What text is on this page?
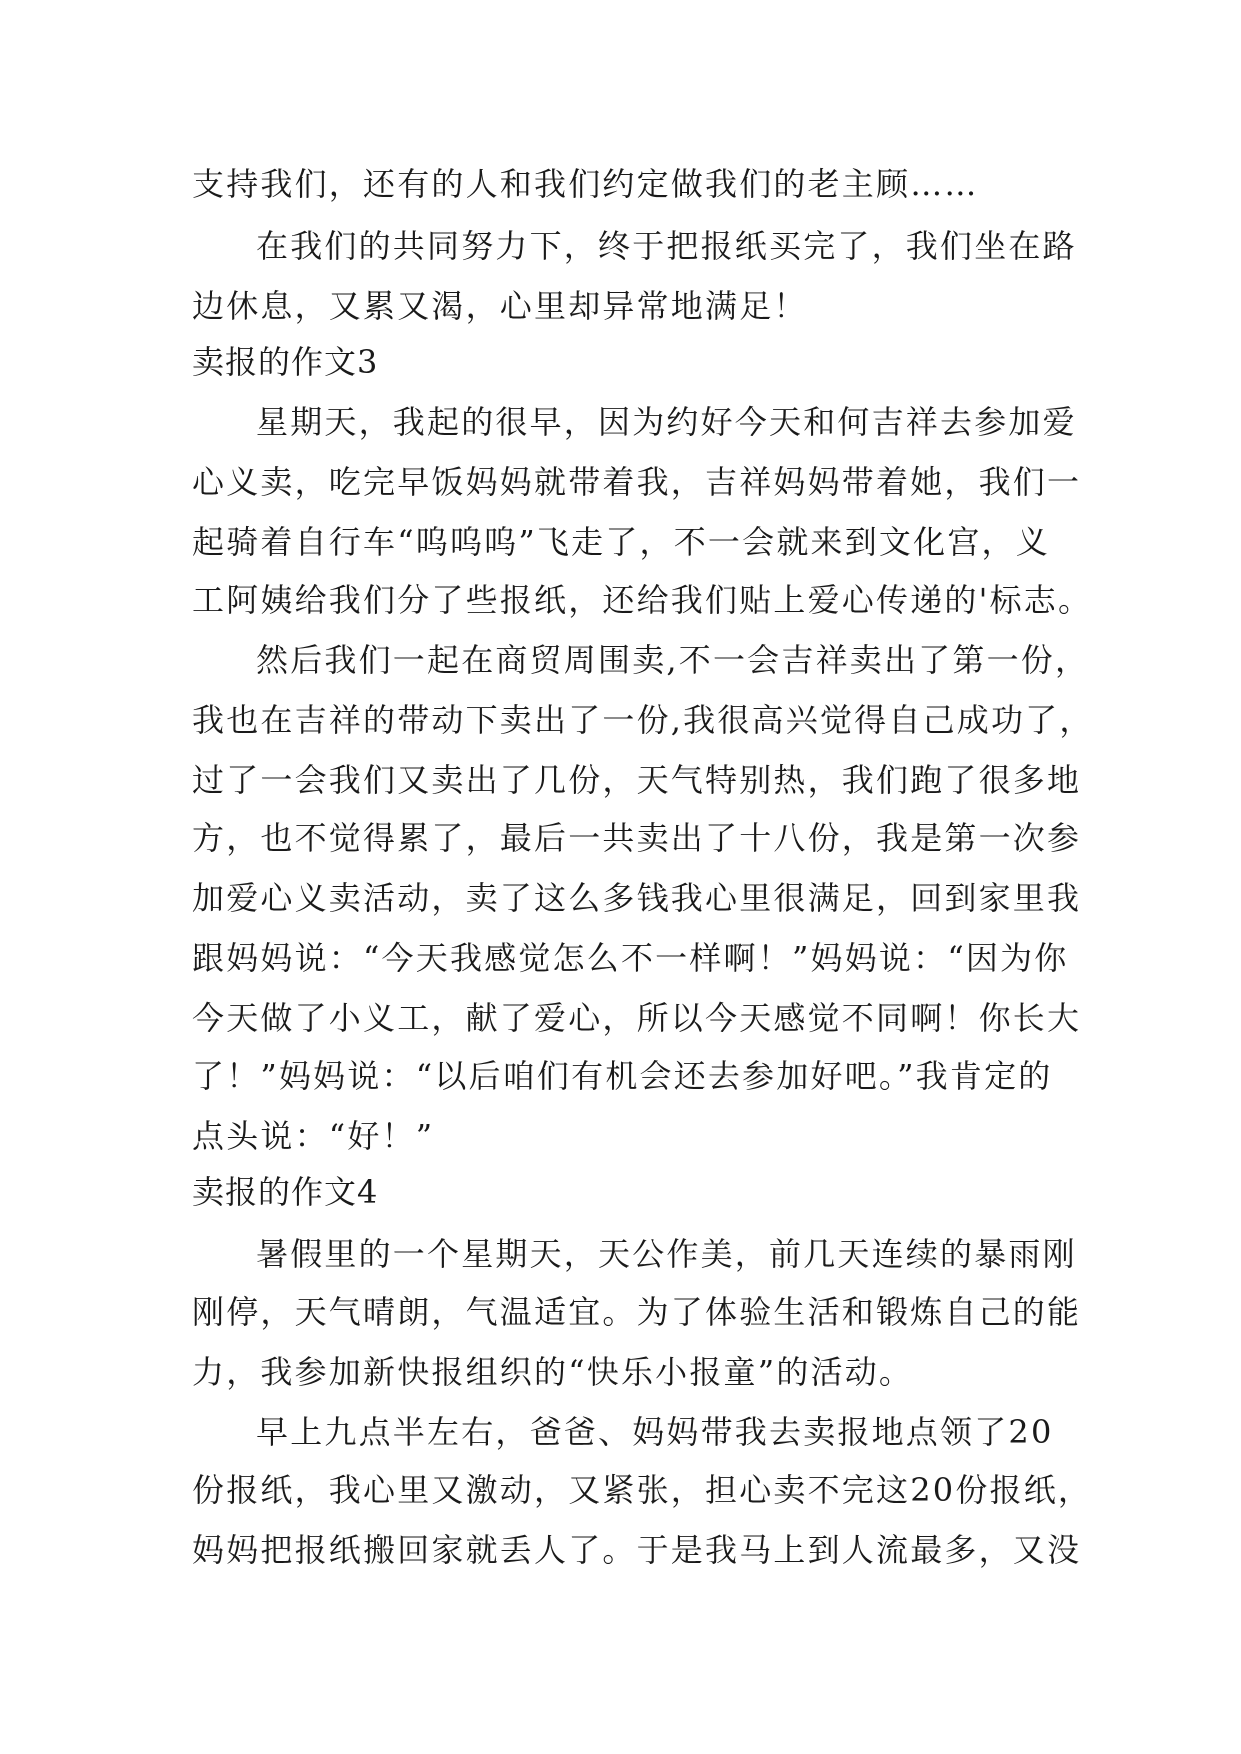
支持我们，还有的人和我们约定做我们的老主顾……
在我们的共同努力下，终于把报纸买完了，我们坐在路
边休息，又累又渴，心里却异常地满足！
卖报的作文3
星期天，我起的很早，因为约好今天和何吉祥去参加爱
心义卖，吃完早饭妈妈就带着我，吉祥妈妈带着她，我们一
起骑着自行车“呜呜呜”飞走了，不一会就来到文化宫，义
工阿姨给我们分了些报纸，还给我们贴上爱心传递的'标志。
然后我们一起在商贸周围卖,不一会吉祥卖出了第一份，
我也在吉祥的带动下卖出了一份,我很高兴觉得自己成功了，
过了一会我们又卖出了几份，天气特别热，我们跑了很多地
方，也不觉得累了，最后一共卖出了十八份，我是第一次参
加爱心义卖活动，卖了这么多钱我心里很满足，回到家里我
跟妈妈说：“今天我感觉怎么不一样啊！”妈妈说：“因为你
今天做了小义工，献了爱心，所以今天感觉不同啊！你长大
了！”妈妈说：“以后咱们有机会还去参加好吧。”我肯定的
点头说：“好！”
卖报的作文4
暑假里的一个星期天，天公作美，前几天连续的暴雨刚
刚停，天气晴朗，气温适宜。为了体验生活和锻炼自己的能
力，我参加新快报组织的“快乐小报童”的活动。
早上九点半左右，爸爸、妈妈带我去卖报地点领了20
份报纸，我心里又激动，又紧张，担心卖不完这20份报纸，
妈妈把报纸搬回家就丢人了。于是我马上到人流最多，又没
